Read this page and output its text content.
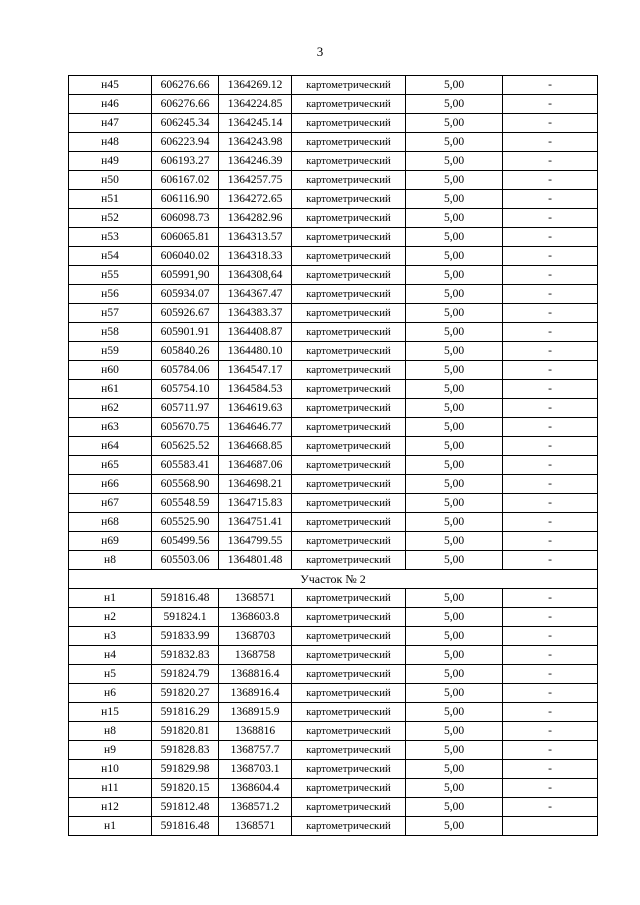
3
н45	606276.66	1364269.12	картометрический	5,00	-
н46	606276.66	1364224.85	картометрический	5,00	-
н47	606245.34	1364245.14	картометрический	5,00	-
н48	606223.94	1364243.98	картометрический	5,00	-
н49	606193.27	1364246.39	картометрический	5,00	-
н50	606167.02	1364257.75	картометрический	5,00	-
н51	606116.90	1364272.65	картометрический	5,00	-
н52	606098.73	1364282.96	картометрический	5,00	-
н53	606065.81	1364313.57	картометрический	5,00	-
н54	606040.02	1364318.33	картометрический	5,00	-
н55	605991,90	1364308,64	картометрический	5,00	-
н56	605934.07	1364367.47	картометрический	5,00	-
н57	605926.67	1364383.37	картометрический	5,00	-
н58	605901.91	1364408.87	картометрический	5,00	-
н59	605840.26	1364480.10	картометрический	5,00	-
н60	605784.06	1364547.17	картометрический	5,00	-
н61	605754.10	1364584.53	картометрический	5,00	-
н62	605711.97	1364619.63	картометрический	5,00	-
н63	605670.75	1364646.77	картометрический	5,00	-
н64	605625.52	1364668.85	картометрический	5,00	-
н65	605583.41	1364687.06	картометрический	5,00	-
н66	605568.90	1364698.21	картометрический	5,00	-
н67	605548.59	1364715.83	картометрический	5,00	-
н68	605525.90	1364751.41	картометрический	5,00	-
н69	605499.56	1364799.55	картометрический	5,00	-
н8	605503.06	1364801.48	картометрический	5,00	-
Участок № 2					
н1	591816.48	1368571	картометрический	5,00	-
н2	591824.1	1368603.8	картометрический	5,00	-
н3	591833.99	1368703	картометрический	5,00	-
н4	591832.83	1368758	картометрический	5,00	-
н5	591824.79	1368816.4	картометрический	5,00	-
н6	591820.27	1368916.4	картометрический	5,00	-
н15	591816.29	1368915.9	картометрический	5,00	-
н8	591820.81	1368816	картометрический	5,00	-
н9	591828.83	1368757.7	картометрический	5,00	-
н10	591829.98	1368703.1	картометрический	5,00	-
н11	591820.15	1368604.4	картометрический	5,00	-
н12	591812.48	1368571.2	картометрический	5,00	-
н1	591816.48	1368571	картометрический	5,00	
